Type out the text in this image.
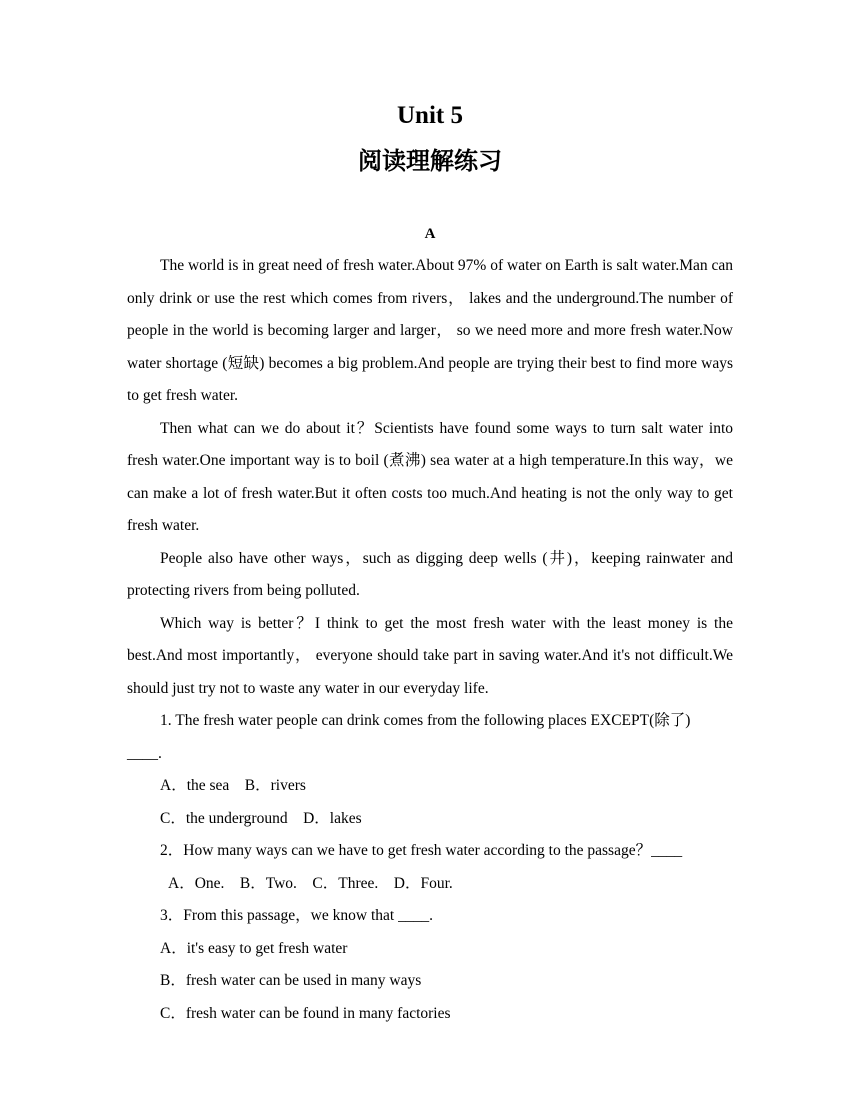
Unit 5
阅读理解练习
A

The world is in great need of fresh water.About 97% of water on Earth is salt water.Man can only drink or use the rest which comes from rivers， lakes and the underground.The number of people in the world is becoming larger and larger， so we need more and more fresh water.Now water shortage (短缺) becomes a big problem.And people are trying their best to find more ways to get fresh water.

Then what can we do about it？Scientists have found some ways to turn salt water into fresh water.One important way is to boil (煮沸) sea water at a high temperature.In this way，we can make a lot of fresh water.But it often costs too much.And heating is not the only way to get fresh water.

People also have other ways，such as digging deep wells (井)，keeping rainwater and protecting rivers from being polluted.

Which way is better？I think to get the most fresh water with the least money is the best.And most importantly， everyone should take part in saving water.And it's not difficult.We should just try not to waste any water in our everyday life.

1. The fresh water people can drink comes from the following places EXCEPT(除了)

____.

A．the sea　B．rivers

C．the underground　D．lakes

2．How many ways can we have to get fresh water according to the passage？____

A．One.　B．Two.　C．Three.　D．Four.

3．From this passage，we know that ____.

A．it's easy to get fresh water

B．fresh water can be used in many ways

C．fresh water can be found in many factories
